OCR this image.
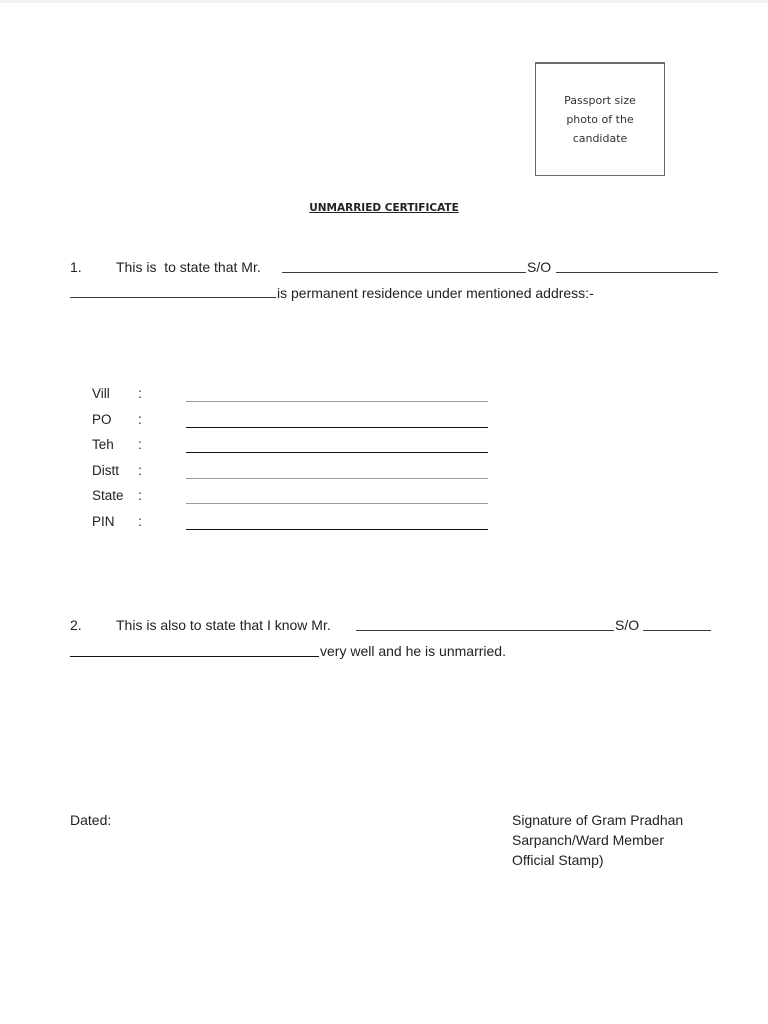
Passport size
photo of the
candidate
UNMARRIED CERTIFICATE
1. This is  to state that Mr.	S/O
is permanent residence under mentioned address:-
Vill :
PO :
Teh :
Distt :
State :
PIN :
2. This is also to state that I know Mr.	S/O
very well and he is unmarried.
Dated:	Signature of Gram Pradhan
Sarpanch/Ward Member
Official Stamp)
